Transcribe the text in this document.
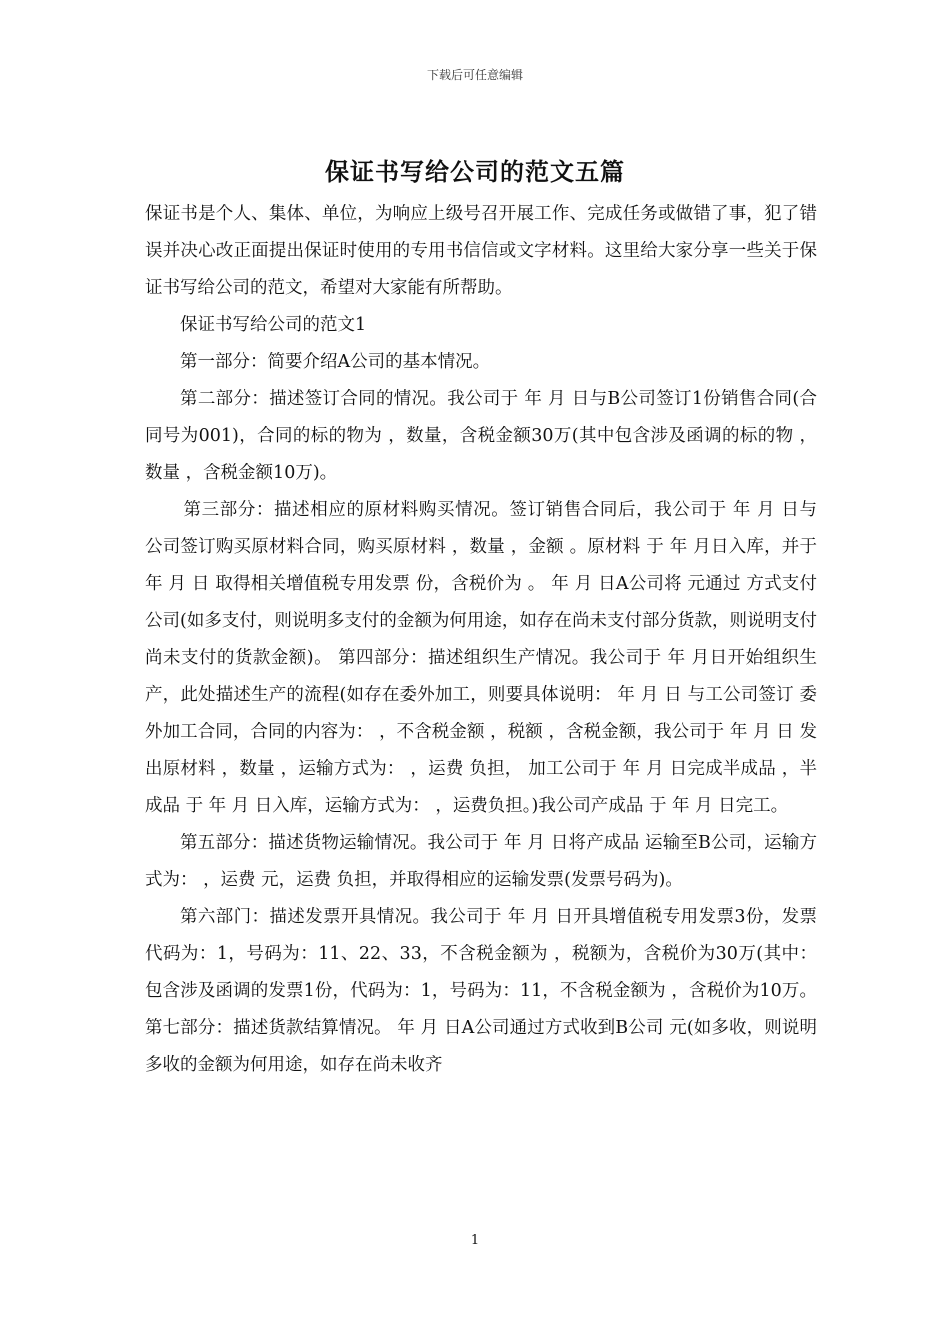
下载后可任意编辑
保证书写给公司的范文五篇

保证书是个人、集体、单位，为响应上级号召开展工作、完成任务或做错了事，犯了错误并决心改正面提出保证时使用的专用书信信或文字材料。这里给大家分享一些关于保证书写给公司的范文，希望对大家能有所帮助。

保证书写给公司的范文1

第一部分：简要介绍A公司的基本情况。

第二部分：描述签订合同的情况。我公司于 年 月 日与B公司签订1份销售合同(合同号为001)，合同的标的物为 ，数量，含税金额30万(其中包含涉及函调的标的物 ，数量 ，含税金额10万)。

第三部分：描述相应的原材料购买情况。签订销售合同后，我公司于 年 月 日与 公司签订购买原材料合同，购买原材料 ，数量 ，金额 。原材料 于 年 月日入库，并于 年 月 日 取得相关增值税专用发票 份，含税价为 。 年 月 日A公司将 元通过 方式支付公司(如多支付，则说明多支付的金额为何用途，如存在尚未支付部分货款，则说明支付尚未支付的货款金额)。 第四部分：描述组织生产情况。我公司于 年 月日开始组织生产，此处描述生产的流程(如存在委外加工，则要具体说明： 年 月 日 与工公司签订 委外加工合同，合同的内容为： ，不含税金额 ，税额 ，含税金额，我公司于 年 月 日 发出原材料 ，数量 ，运输方式为： ，运费 负担， 加工公司于 年 月 日完成半成品 ，半成品 于 年 月 日入库，运输方式为： ，运费负担。)我公司产成品 于 年 月 日完工。

第五部分：描述货物运输情况。我公司于 年 月 日将产成品 运输至B公司，运输方式为： ，运费 元，运费 负担，并取得相应的运输发票(发票号码为)。

第六部门：描述发票开具情况。我公司于 年 月 日开具增值税专用发票3份，发票代码为：1，号码为：11、22、33，不含税金额为 ，税额为，含税价为30万(其中：包含涉及函调的发票1份，代码为：1，号码为：11，不含税金额为 ，含税价为10万。 第七部分：描述货款结算情况。 年 月 日A公司通过方式收到B公司 元(如多收，则说明多收的金额为何用途，如存在尚未收齐

1
